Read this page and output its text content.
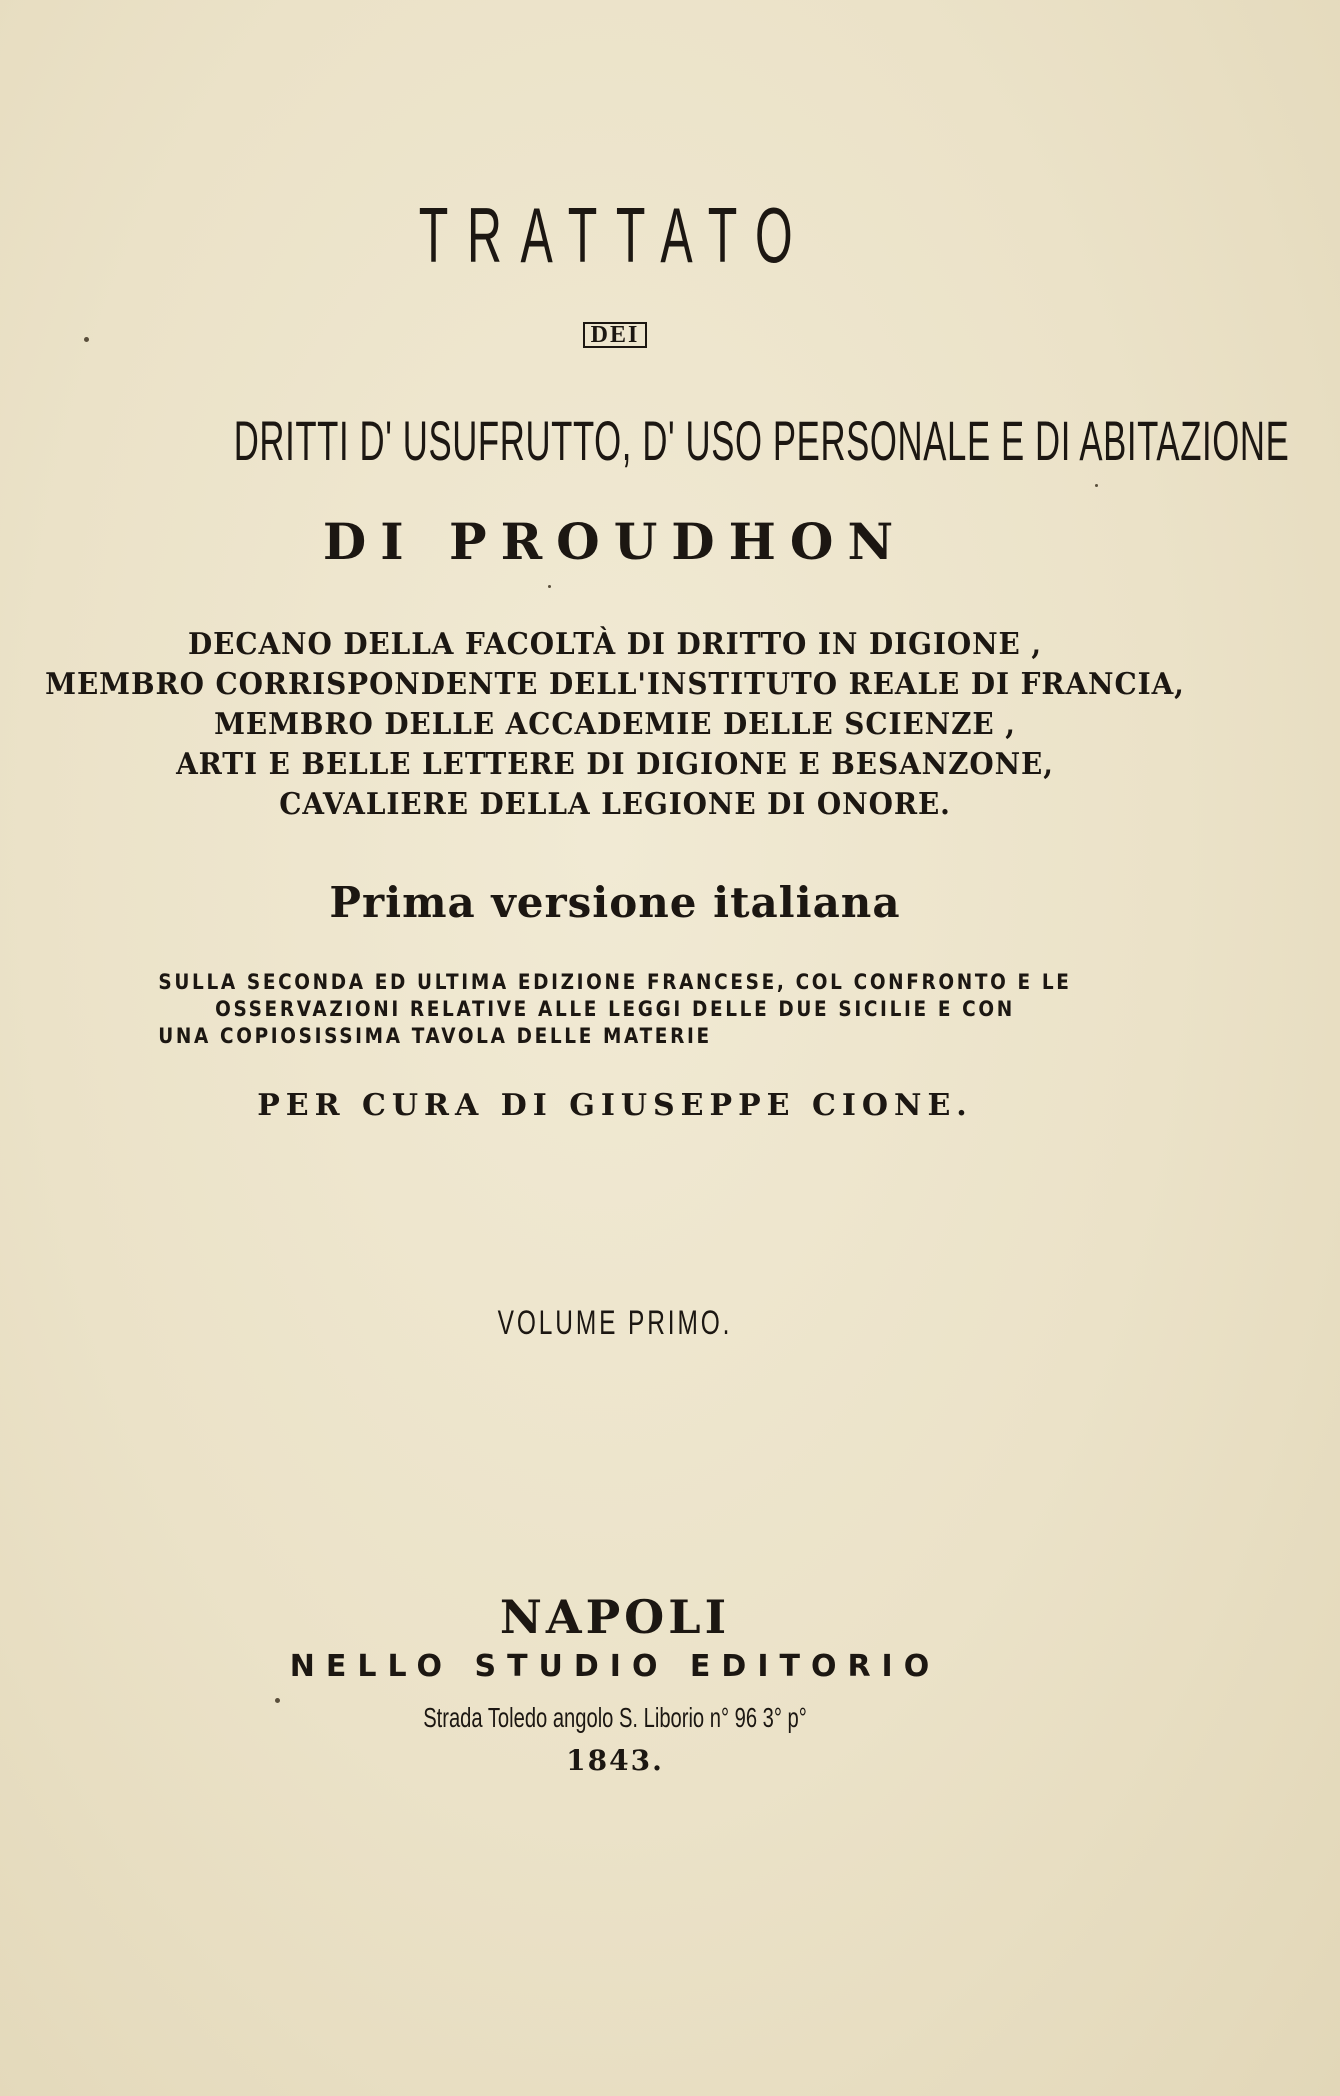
TRATTATO
DEI
DRITTI D' USUFRUTTO, D' USO PERSONALE E DI ABITAZIONE
DI PROUDHON
DECANO DELLA FACOLTÀ DI DRITTO IN DIGIONE ,
MEMBRO CORRISPONDENTE DELL'INSTITUTO REALE DI FRANCIA,
MEMBRO DELLE ACCADEMIE DELLE SCIENZE ,
ARTI E BELLE LETTERE DI DIGIONE E BESANZONE,
CAVALIERE DELLA LEGIONE DI ONORE.
Prima versione italiana
SULLA SECONDA ED ULTIMA EDIZIONE FRANCESE, COL CONFRONTO E LE
OSSERVAZIONI RELATIVE ALLE LEGGI DELLE DUE SICILIE E CON
UNA COPIOSISSIMA TAVOLA DELLE MATERIE
PER CURA DI GIUSEPPE CIONE.
VOLUME PRIMO.
NAPOLI
NELLO STUDIO EDITORIO
Strada Toledo angolo S. Liborio n° 96 3° p°
1843.
